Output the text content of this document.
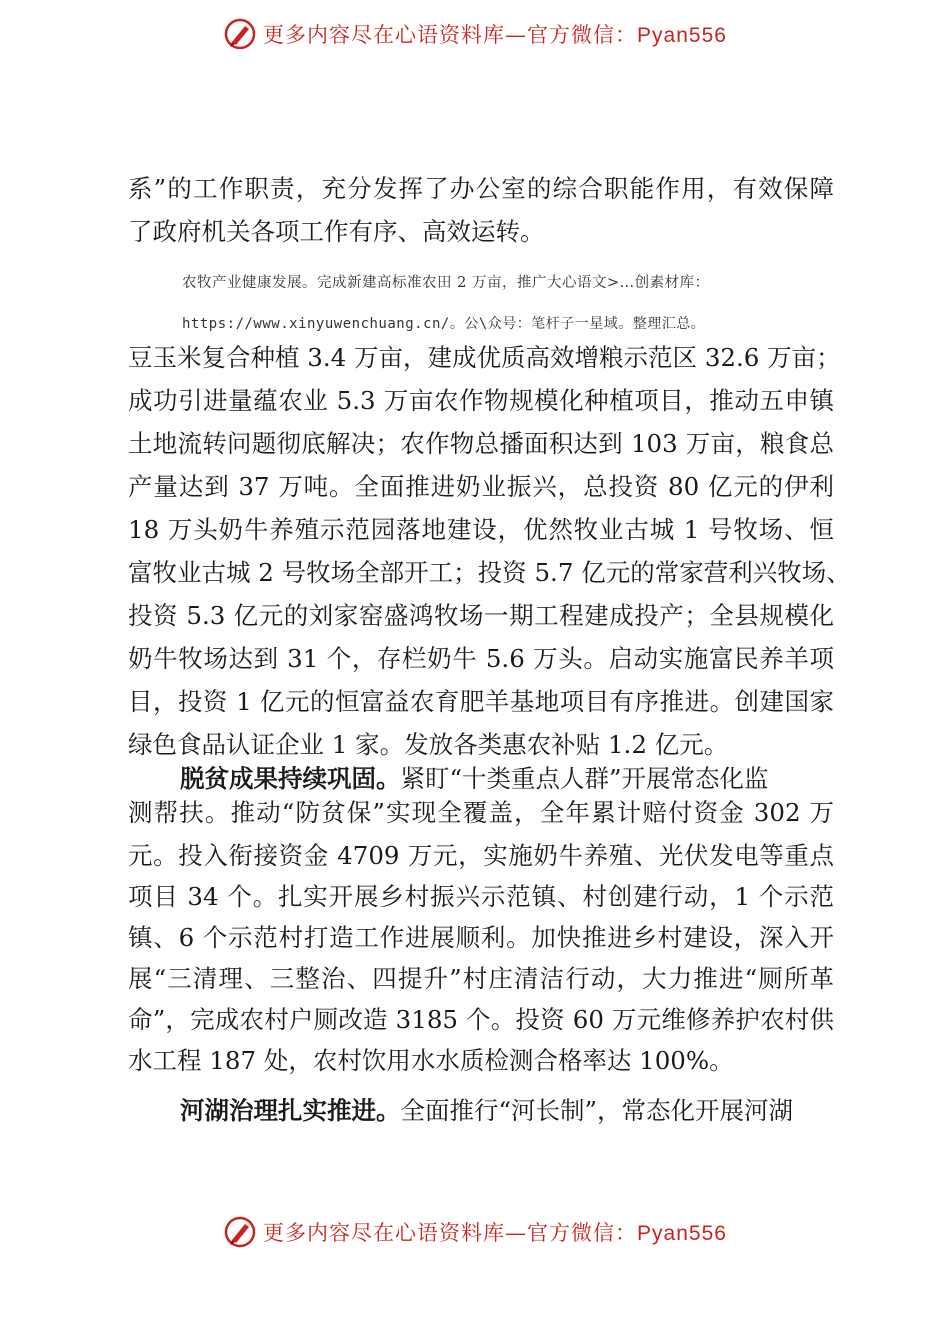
更多内容尽在心语资料库—官方微信：Pyan556
系”的工作职责，充分发挥了办公室的综合职能作用，有效保障
了政府机关各项工作有序、高效运转。
农牧产业健康发展。完成新建高标准农田 2 万亩，推广大心语文>…创素材库：
https://www.xinyuwenchuang.cn/。公\众号：笔杆子一星域。整理汇总。
豆玉米复合种植 3.4 万亩，建成优质高效增粮示范区 32.6 万亩；
成功引进量蕴农业 5.3 万亩农作物规模化种植项目，推动五申镇
土地流转问题彻底解决；农作物总播面积达到 103 万亩，粮食总
产量达到 37 万吨。全面推进奶业振兴，总投资 80 亿元的伊利
18 万头奶牛养殖示范园落地建设，优然牧业古城 1 号牧场、恒
富牧业古城 2 号牧场全部开工；投资 5.7 亿元的常家营利兴牧场、
投资 5.3 亿元的刘家窑盛鸿牧场一期工程建成投产；全县规模化
奶牛牧场达到 31 个，存栏奶牛 5.6 万头。启动实施富民养羊项
目，投资 1 亿元的恒富益农育肥羊基地项目有序推进。创建国家
绿色食品认证企业 1 家。发放各类惠农补贴 1.2 亿元。
脱贫成果持续巩固。紧盯“十类重点人群”开展常态化监
测帮扶。推动“防贫保”实现全覆盖，全年累计赔付资金 302 万
元。投入衔接资金 4709 万元，实施奶牛养殖、光伏发电等重点
项目 34 个。扎实开展乡村振兴示范镇、村创建行动，1 个示范
镇、6 个示范村打造工作进展顺利。加快推进乡村建设，深入开
展“三清理、三整治、四提升”村庄清洁行动，大力推进“厕所革
命”，完成农村户厕改造 3185 个。投资 60 万元维修养护农村供
水工程 187 处，农村饮用水水质检测合格率达 100%。
河湖治理扎实推进。全面推行“河长制”，常态化开展河湖
更多内容尽在心语资料库—官方微信：Pyan556
